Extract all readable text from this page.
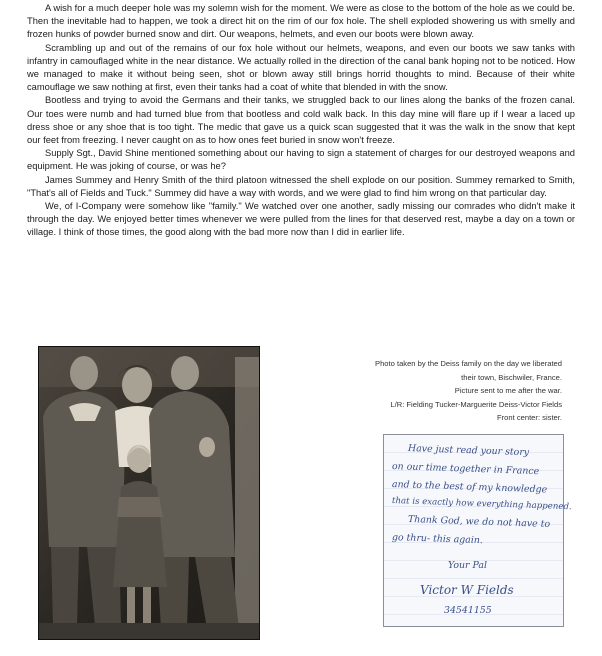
A wish for a much deeper hole was my solemn wish for the moment. We were as close to the bottom of the hole as we could be. Then the inevitable had to happen, we took a direct hit on the rim of our fox hole. The shell exploded showering us with smelly and frozen hunks of powder burned snow and dirt. Our weapons, helmets, and even our boots were blown away.

Scrambling up and out of the remains of our fox hole without our helmets, weapons, and even our boots we saw tanks with infantry in camouflaged white in the near distance. We actually rolled in the direction of the canal bank hoping not to be noticed. How we managed to make it without being seen, shot or blown away still brings horrid thoughts to mind. Because of their white camouflage we saw nothing at first, even their tanks had a coat of white that blended in with the snow.

Bootless and trying to avoid the Germans and their tanks, we struggled back to our lines along the banks of the frozen canal. Our toes were numb and had turned blue from that bootless and cold walk back. In this day mine will flare up if I wear a laced up dress shoe or any shoe that is too tight. The medic that gave us a quick scan suggested that it was the walk in the snow that kept our feet from freezing. I never caught on as to how ones feet buried in snow won't freeze.

Supply Sgt., David Shine mentioned something about our having to sign a statement of charges for our destroyed weapons and equipment. He was joking of course, or was he?

James Summey and Henry Smith of the third platoon witnessed the shell explode on our position. Summey remarked to Smith, "That's all of Fields and Tuck." Summey did have a way with words, and we were glad to find him wrong on that particular day.

We, of I-Company were somehow like "family." We watched over one another, sadly missing our comrades who didn't make it through the day. We enjoyed better times whenever we were pulled from the lines for that deserved rest, maybe a day on a town or village. I think of those times, the good along with the bad more now than I did in earlier life.

Photo taken by the Deiss family on the day we liberated
their town, Bischwiler, France.
Picture sent to me after the war.
L/R: Fielding Tucker-Marguerite Deiss-Victor Fields
Front center: sister.
Have just read your story
on our time together in France
and to the best of my knowledge
that is exactly how everything happened.
Thank God, we do not have to
go thru- this again.
Your Pal
Victor W Fields
34541155
